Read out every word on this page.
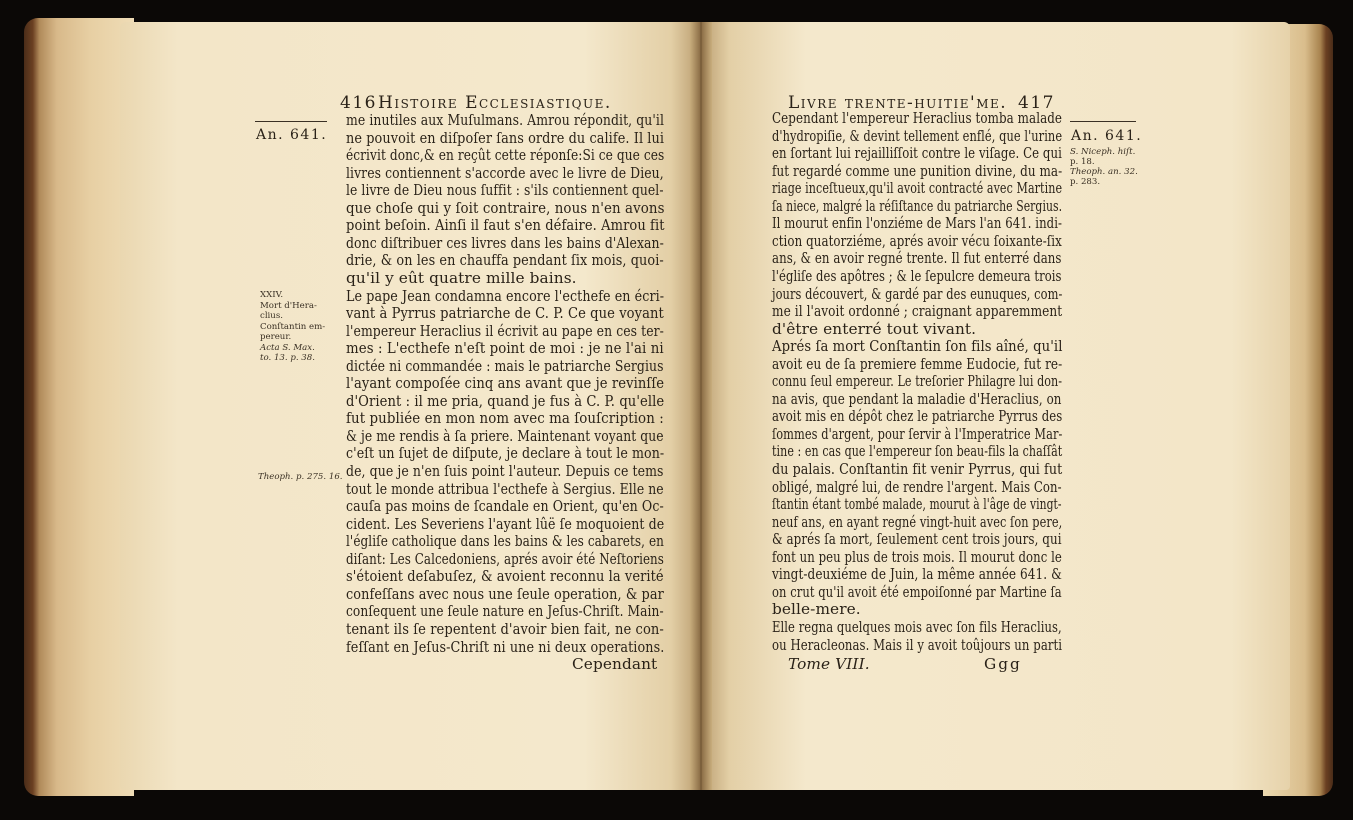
416 Histoire Ecclesiastique.
An. 641.
XXIV.
Mort d'Hera-
clius.
Conſtantin em-
pereur.
Acta S. Max.
to. 13. p. 38.
Theoph. p. 275. 16.
me inutiles aux Muſulmans. Amrou répondit, qu'il
ne pouvoit en diſpoſer ſans ordre du calife. Il lui
écrivit donc,& en reçût cette réponſe:Si ce que ces
livres contiennent s'accorde avec le livre de Dieu,
le livre de Dieu nous ſuffit : s'ils contiennent quel-
que choſe qui y ſoit contraire, nous n'en avons
point beſoin. Ainſi il faut s'en défaire. Amrou fit
donc diſtribuer ces livres dans les bains d'Alexan-
drie, & on les en chauffa pendant ſix mois, quoi-
qu'il y eût quatre mille bains.
Le pape Jean condamna encore l'ecthefe en écri-
vant à Pyrrus patriarche de C. P. Ce que voyant
l'empereur Heraclius il écrivit au pape en ces ter-
mes : L'ecthefe n'eſt point de moi : je ne l'ai ni
dictée ni commandée : mais le patriarche Sergius
l'ayant compoſée cinq ans avant que je revinſſe
d'Orient : il me pria, quand je fus à C. P. qu'elle
fut publiée en mon nom avec ma ſouſcription :
& je me rendis à ſa priere. Maintenant voyant que
c'eſt un ſujet de diſpute, je declare à tout le mon-
de, que je n'en ſuis point l'auteur. Depuis ce tems
tout le monde attribua l'ecthefe à Sergius. Elle ne
cauſa pas moins de ſcandale en Orient, qu'en Oc-
cident. Les Severiens l'ayant lûë ſe moquoient de
l'égliſe catholique dans les bains & les cabarets, en
diſant: Les Calcedoniens, aprés avoir été Neſtoriens
s'étoient deſabuſez, & avoient reconnu la verité
confeſſans avec nous une ſeule operation, & par
conſequent une ſeule nature en Jeſus-Chriſt. Main-
tenant ils ſe repentent d'avoir bien fait, ne con-
feſſant en Jeſus-Chriſt ni une ni deux operations.
Cependant
Livre trente-huitie'me. 417
An. 641.
S. Niceph. hiſt.
p. 18.
Theoph. an. 32.
p. 283.
Cependant l'empereur Heraclius tomba malade
d'hydropiſie, & devint tellement enflé, que l'urine
en ſortant lui rejailliſſoit contre le viſage. Ce qui
fut regardé comme une punition divine, du ma-
riage inceſtueux,qu'il avoit contracté avec Martine
ſa niece, malgré la réſiſtance du patriarche Sergius.
Il mourut enfin l'onziéme de Mars l'an 641. indi-
ction quatorziéme, aprés avoir vécu ſoixante-ſix
ans, & en avoir regné trente. Il fut enterré dans
l'égliſe des apôtres ; & le ſepulcre demeura trois
jours découvert, & gardé par des eunuques, com-
me il l'avoit ordonné ; craignant apparemment
d'être enterré tout vivant.
Aprés ſa mort Conſtantin ſon fils aîné, qu'il
avoit eu de ſa premiere femme Eudocie, fut re-
connu ſeul empereur. Le treſorier Philagre lui don-
na avis, que pendant la maladie d'Heraclius, on
avoit mis en dépôt chez le patriarche Pyrrus des
ſommes d'argent, pour ſervir à l'Imperatrice Mar-
tine : en cas que l'empereur ſon beau-fils la chaſſât
du palais. Conſtantin fit venir Pyrrus, qui fut
obligé, malgré lui, de rendre l'argent. Mais Con-
ſtantin étant tombé malade, mourut à l'âge de vingt-
neuf ans, en ayant regné vingt-huit avec ſon pere,
& aprés ſa mort, ſeulement cent trois jours, qui
font un peu plus de trois mois. Il mourut donc le
vingt-deuxiéme de Juin, la même année 641. &
on crut qu'il avoit été empoiſonné par Martine ſa
belle-mere.
Elle regna quelques mois avec ſon fils Heraclius,
ou Heracleonas. Mais il y avoit toûjours un parti
Tome VIII.	Ggg
